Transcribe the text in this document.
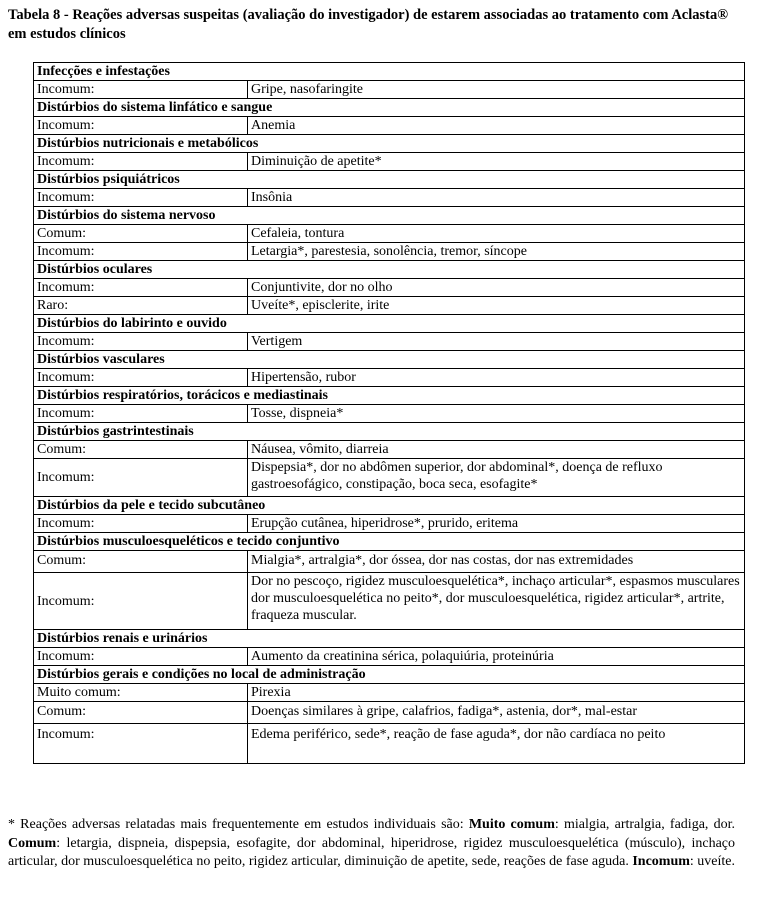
Tabela 8 - Reações adversas suspeitas (avaliação do investigador) de estarem associadas ao tratamento com Aclasta® em estudos clínicos

Infecções e infestações	
Incomum:	Gripe, nasofaringite
Distúrbios do sistema linfático e sangue	
Incomum:	Anemia
Distúrbios nutricionais e metabólicos	
Incomum:	Diminuição de apetite*
Distúrbios psiquiátricos	
Incomum:	Insônia
Distúrbios do sistema nervoso	
Comum:	Cefaleia, tontura
Incomum:	Letargia*, parestesia, sonolência, tremor, síncope
Distúrbios oculares	
Incomum:	Conjuntivite, dor no olho
Raro:	Uveíte*, episclerite, irite
Distúrbios do labirinto e ouvido	
Incomum:	Vertigem
Distúrbios vasculares	
Incomum:	Hipertensão, rubor
Distúrbios respiratórios, torácicos e mediastinais	
Incomum:	Tosse, dispneia*
Distúrbios gastrintestinais	
Comum:	Náusea, vômito, diarreia
Incomum:	Dispepsia*, dor no abdômen superior, dor abdominal*, doença de refluxo gastroesofágico, constipação, boca seca, esofagite*
Distúrbios da pele e tecido subcutâneo	
Incomum:	Erupção cutânea, hiperidrose*, prurido, eritema
Distúrbios musculoesqueléticos e tecido conjuntivo	
Comum:	Mialgia*, artralgia*, dor óssea, dor nas costas, dor nas extremidades
Incomum:	Dor no pescoço, rigidez musculoesquelética*, inchaço articular*, espasmos musculares dor musculoesquelética no peito*, dor musculoesquelética, rigidez articular*, artrite, fraqueza muscular.
Distúrbios renais e urinários	
Incomum:	Aumento da creatinina sérica, polaquiúria, proteinúria
Distúrbios gerais e condições no local de administração	
Muito comum:	Pirexia
Comum:	Doenças similares à gripe, calafrios, fadiga*, astenia, dor*, mal-estar
Incomum:	Edema periférico, sede*, reação de fase aguda*, dor não cardíaca no peito

* Reações adversas relatadas mais frequentemente em estudos individuais são: Muito comum: mialgia, artralgia, fadiga, dor. Comum: letargia, dispneia, dispepsia, esofagite, dor abdominal, hiperidrose, rigidez musculoesquelética (músculo), inchaço articular, dor musculoesquelética no peito, rigidez articular, diminuição de apetite, sede, reações de fase aguda. Incomum: uveíte.
